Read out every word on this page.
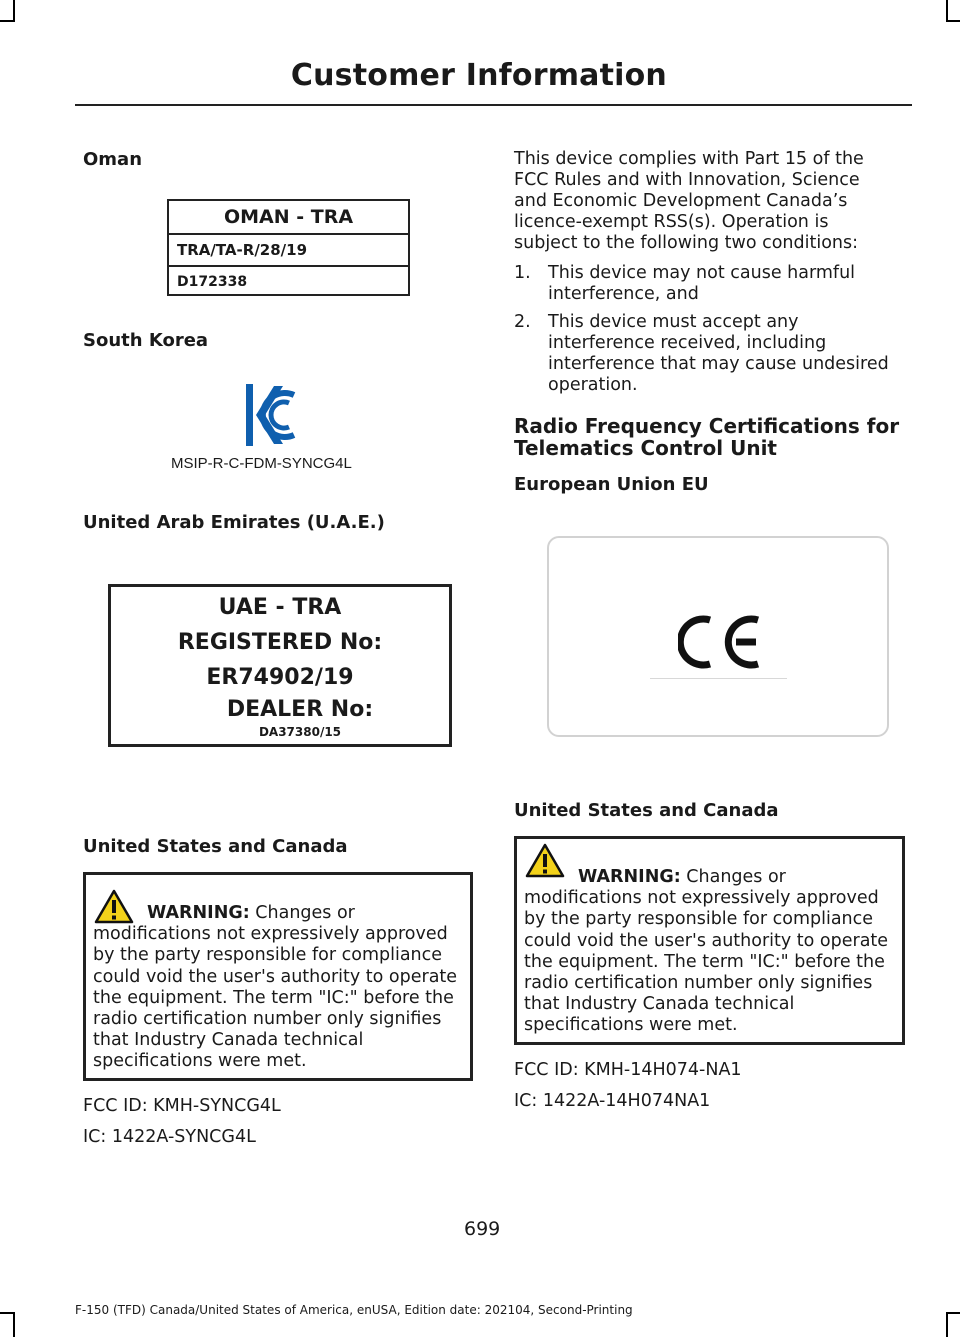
Customer Information
Oman
OMAN - TRA
TRA/TA-R/28/19
D172338
South Korea
MSIP-R-C-FDM-SYNCG4L
United Arab Emirates (U.A.E.)
UAE - TRA
REGISTERED No:
ER74902/19
DEALER No:
DA37380/15
United States and Canada
WARNING: Changes or
modifications not expressively approved
by the party responsible for compliance
could void the user's authority to operate
the equipment. The term "IC:" before the
radio certification number only signifies
that Industry Canada technical
specifications were met.
FCC ID: KMH-SYNCG4L
IC: 1422A-SYNCG4L
This device complies with Part 15 of the
FCC Rules and with Innovation, Science
and Economic Development Canada’s
licence-exempt RSS(s). Operation is
subject to the following two conditions:
1. This device may not cause harmful
interference, and
2. This device must accept any
interference received, including
interference that may cause undesired
operation.
Radio Frequency Certifications for
Telematics Control Unit
European Union EU
United States and Canada
WARNING: Changes or
modifications not expressively approved
by the party responsible for compliance
could void the user's authority to operate
the equipment. The term "IC:" before the
radio certification number only signifies
that Industry Canada technical
specifications were met.
FCC ID: KMH-14H074-NA1
IC: 1422A-14H074NA1
699
F-150 (TFD) Canada/United States of America, enUSA, Edition date: 202104, Second-Printing
